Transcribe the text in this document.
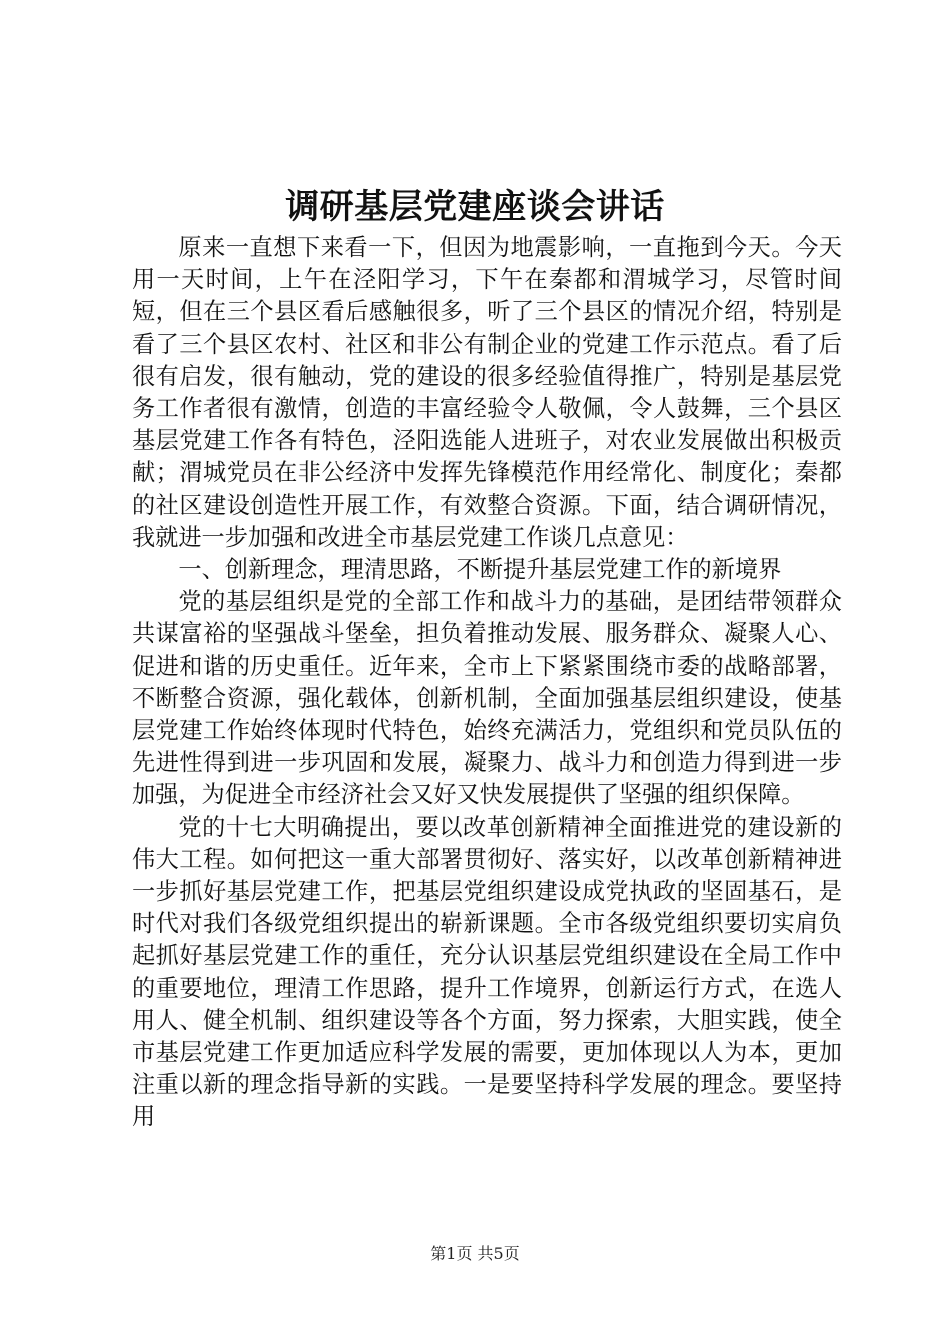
调研基层党建座谈会讲话

原来一直想下来看一下，但因为地震影响，一直拖到今天。今天用一天时间，上午在泾阳学习，下午在秦都和渭城学习，尽管时间短，但在三个县区看后感触很多，听了三个县区的情况介绍，特别是看了三个县区农村、社区和非公有制企业的党建工作示范点。看了后很有启发，很有触动，党的建设的很多经验值得推广，特别是基层党务工作者很有激情，创造的丰富经验令人敬佩，令人鼓舞，三个县区基层党建工作各有特色，泾阳选能人进班子，对农业发展做出积极贡献；渭城党员在非公经济中发挥先锋模范作用经常化、制度化；秦都的社区建设创造性开展工作，有效整合资源。下面，结合调研情况，我就进一步加强和改进全市基层党建工作谈几点意见：

一、创新理念，理清思路，不断提升基层党建工作的新境界

党的基层组织是党的全部工作和战斗力的基础，是团结带领群众共谋富裕的坚强战斗堡垒，担负着推动发展、服务群众、凝聚人心、促进和谐的历史重任。近年来，全市上下紧紧围绕市委的战略部署，不断整合资源，强化载体，创新机制，全面加强基层组织建设，使基层党建工作始终体现时代特色，始终充满活力，党组织和党员队伍的先进性得到进一步巩固和发展，凝聚力、战斗力和创造力得到进一步加强，为促进全市经济社会又好又快发展提供了坚强的组织保障。

党的十七大明确提出，要以改革创新精神全面推进党的建设新的伟大工程。如何把这一重大部署贯彻好、落实好，以改革创新精神进一步抓好基层党建工作，把基层党组织建设成党执政的坚固基石，是时代对我们各级党组织提出的崭新课题。全市各级党组织要切实肩负起抓好基层党建工作的重任，充分认识基层党组织建设在全局工作中的重要地位，理清工作思路，提升工作境界，创新运行方式，在选人用人、健全机制、组织建设等各个方面，努力探索，大胆实践，使全市基层党建工作更加适应科学发展的需要，更加体现以人为本，更加注重以新的理念指导新的实践。一是要坚持科学发展的理念。要坚持用

第1页 共5页
